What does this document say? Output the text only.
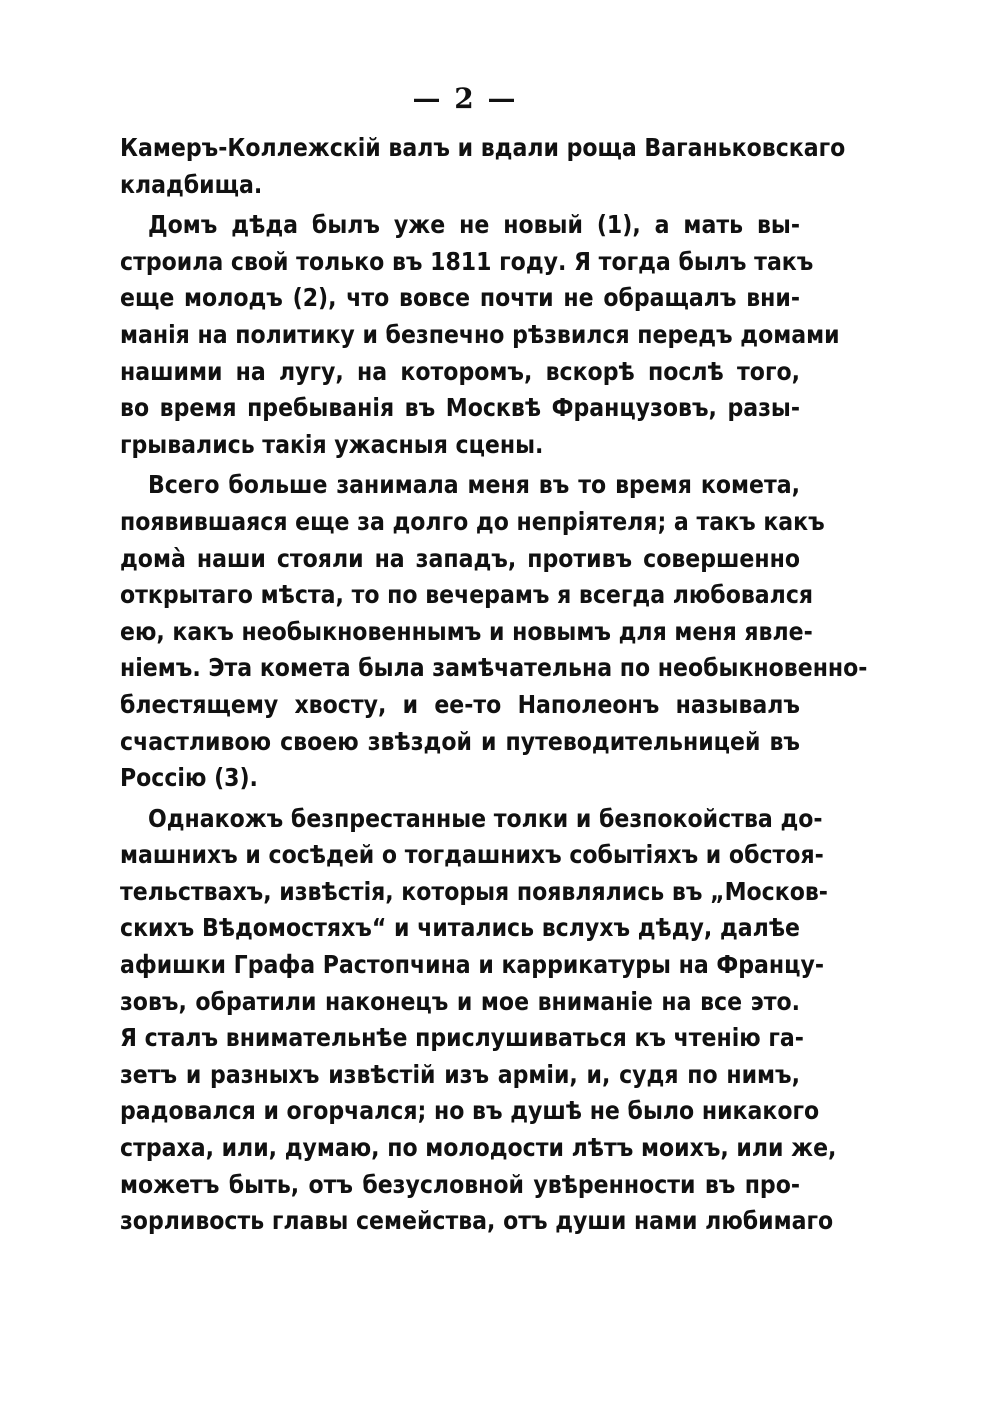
— 2 —
Камеръ-Коллежскій валъ и вдали роща Ваганьковскаго
кладбища.
Домъ дѣда былъ уже не новый (1), а мать вы-
строила свой только въ 1811 году. Я тогда былъ такъ
еще молодъ (2), что вовсе почти не обращалъ вни-
манія на политику и безпечно рѣзвился передъ домами
нашими на лугу, на которомъ, вскорѣ послѣ того,
во время пребыванія въ Москвѣ Французовъ, разы-
грывались такія ужасныя сцены.
Всего больше занимала меня въ то время комета,
появившаяся еще за долго до непріятеля; а такъ какъ
домà наши стояли на западъ, противъ совершенно
открытаго мѣста, то по вечерамъ я всегда любовался
ею, какъ необыкновеннымъ и новымъ для меня явле-
ніемъ. Эта комета была замѣчательна по необыкновенно-
блестящему хвосту, и ее-то Наполеонъ называлъ
счастливою своею звѣздой и путеводительницей въ
Россію (3).
Однакожъ безпрестанные толки и безпокойства до-
машнихъ и сосѣдей о тогдашнихъ событіяхъ и обстоя-
тельствахъ, извѣстія, которыя появлялись въ „Москов-
скихъ Вѣдомостяхъ“ и читались вслухъ дѣду, далѣе
афишки Графа Растопчина и каррикатуры на Францу-
зовъ, обратили наконецъ и мое вниманіе на все это.
Я сталъ внимательнѣе прислушиваться къ чтенію га-
зетъ и разныхъ извѣстій изъ арміи, и, судя по нимъ,
радовался и огорчался; но въ душѣ не было никакого
страха, или, думаю, по молодости лѣтъ моихъ, или же,
можетъ быть, отъ безусловной увѣренности въ про-
зорливость главы семейства, отъ души нами любимаго
